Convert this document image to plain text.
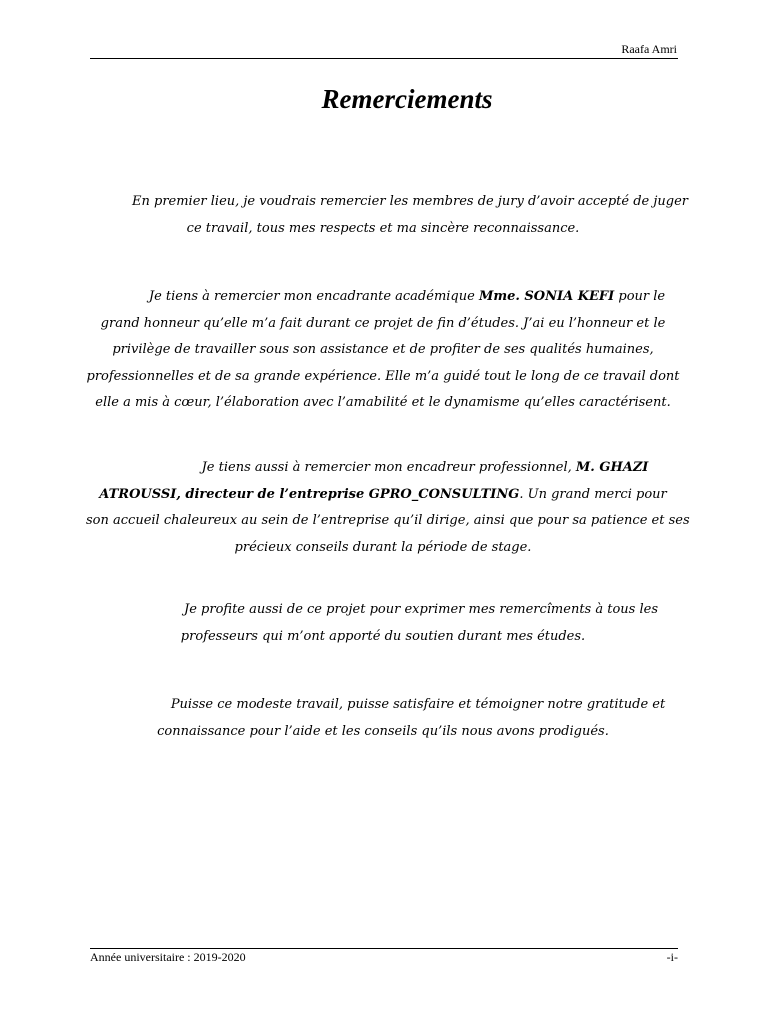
Raafa Amri
Remerciements

En premier lieu, je voudrais remercier les membres de jury d’avoir accepté de juger
ce travail, tous mes respects et ma sincère reconnaissance.

Je tiens à remercier mon encadrante académique Mme. SONIA KEFI pour le
grand honneur qu’elle m’a fait durant ce projet de fin d’études. J’ai eu l’honneur et le
privilège de travailler sous son assistance et de profiter de ses qualités humaines,
professionnelles et de sa grande expérience. Elle m’a guidé tout le long de ce travail dont
elle a mis à cœur, l’élaboration avec l’amabilité et le dynamisme qu’elles caractérisent.

Je tiens aussi à remercier mon encadreur professionnel, M. GHAZI
ATROUSSI, directeur de l’entreprise GPRO_CONSULTING. Un grand merci pour
son accueil chaleureux au sein de l’entreprise qu’il dirige, ainsi que pour sa patience et ses
précieux conseils durant la période de stage.

Je profite aussi de ce projet pour exprimer mes remercîments à tous les
professeurs qui m’ont apporté du soutien durant mes études.

Puisse ce modeste travail, puisse satisfaire et témoigner notre gratitude et
connaissance pour l’aide et les conseils qu’ils nous avons prodigués.

Année universitaire : 2019-2020	-i-
